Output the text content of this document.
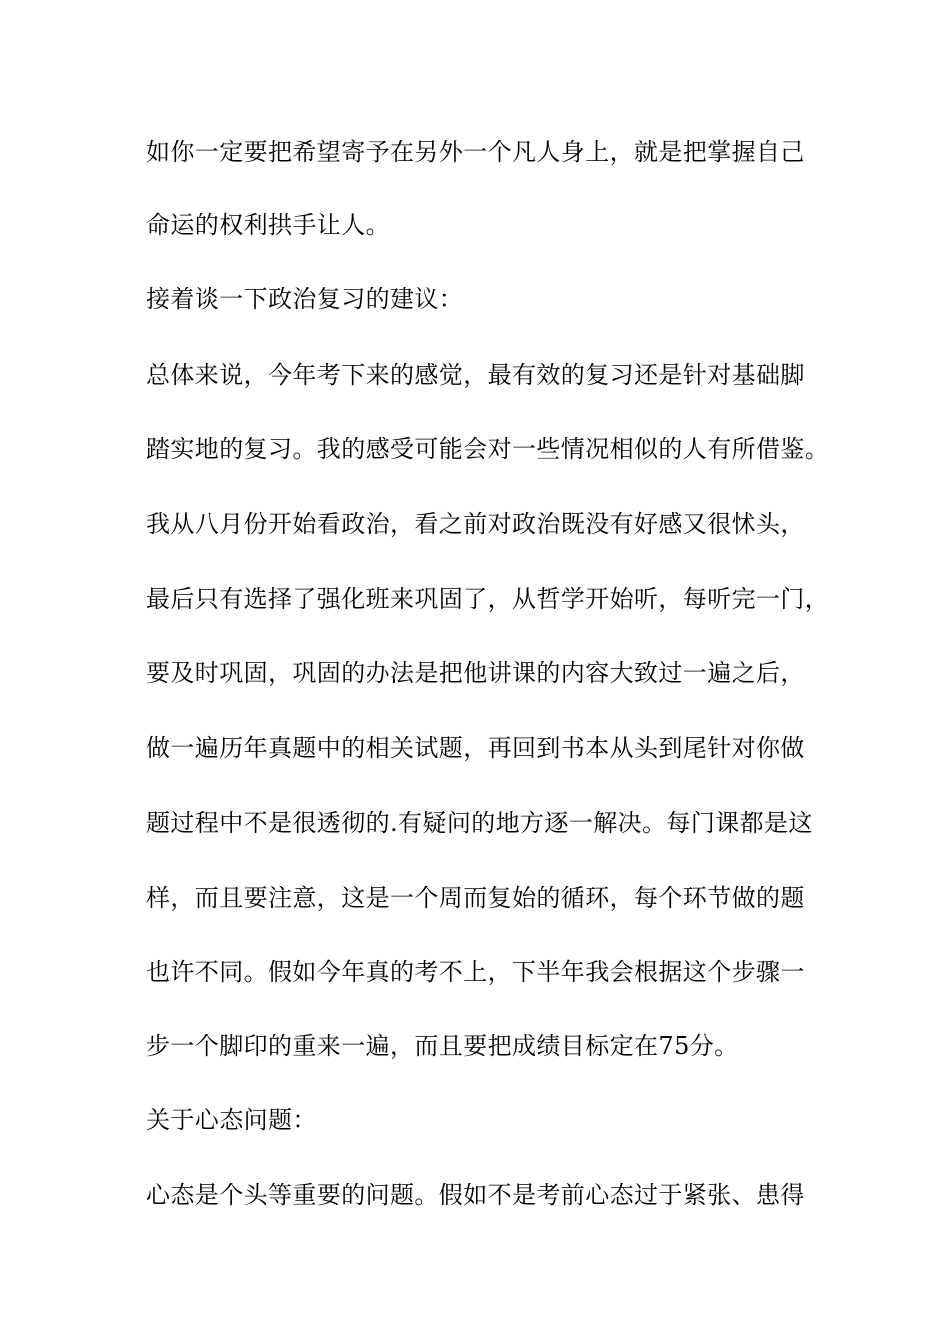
如你一定要把希望寄予在另外一个凡人身上，就是把掌握自己
命运的权利拱手让人。
接着谈一下政治复习的建议：
总体来说，今年考下来的感觉，最有效的复习还是针对基础脚
踏实地的复习。我的感受可能会对一些情况相似的人有所借鉴。
我从八月份开始看政治，看之前对政治既没有好感又很怵头，
最后只有选择了强化班来巩固了，从哲学开始听，每听完一门，
要及时巩固，巩固的办法是把他讲课的内容大致过一遍之后，
做一遍历年真题中的相关试题，再回到书本从头到尾针对你做
题过程中不是很透彻的.有疑问的地方逐一解决。每门课都是这
样，而且要注意，这是一个周而复始的循环，每个环节做的题
也许不同。假如今年真的考不上，下半年我会根据这个步骤一
步一个脚印的重来一遍，而且要把成绩目标定在75分。
关于心态问题：
心态是个头等重要的问题。假如不是考前心态过于紧张、患得
